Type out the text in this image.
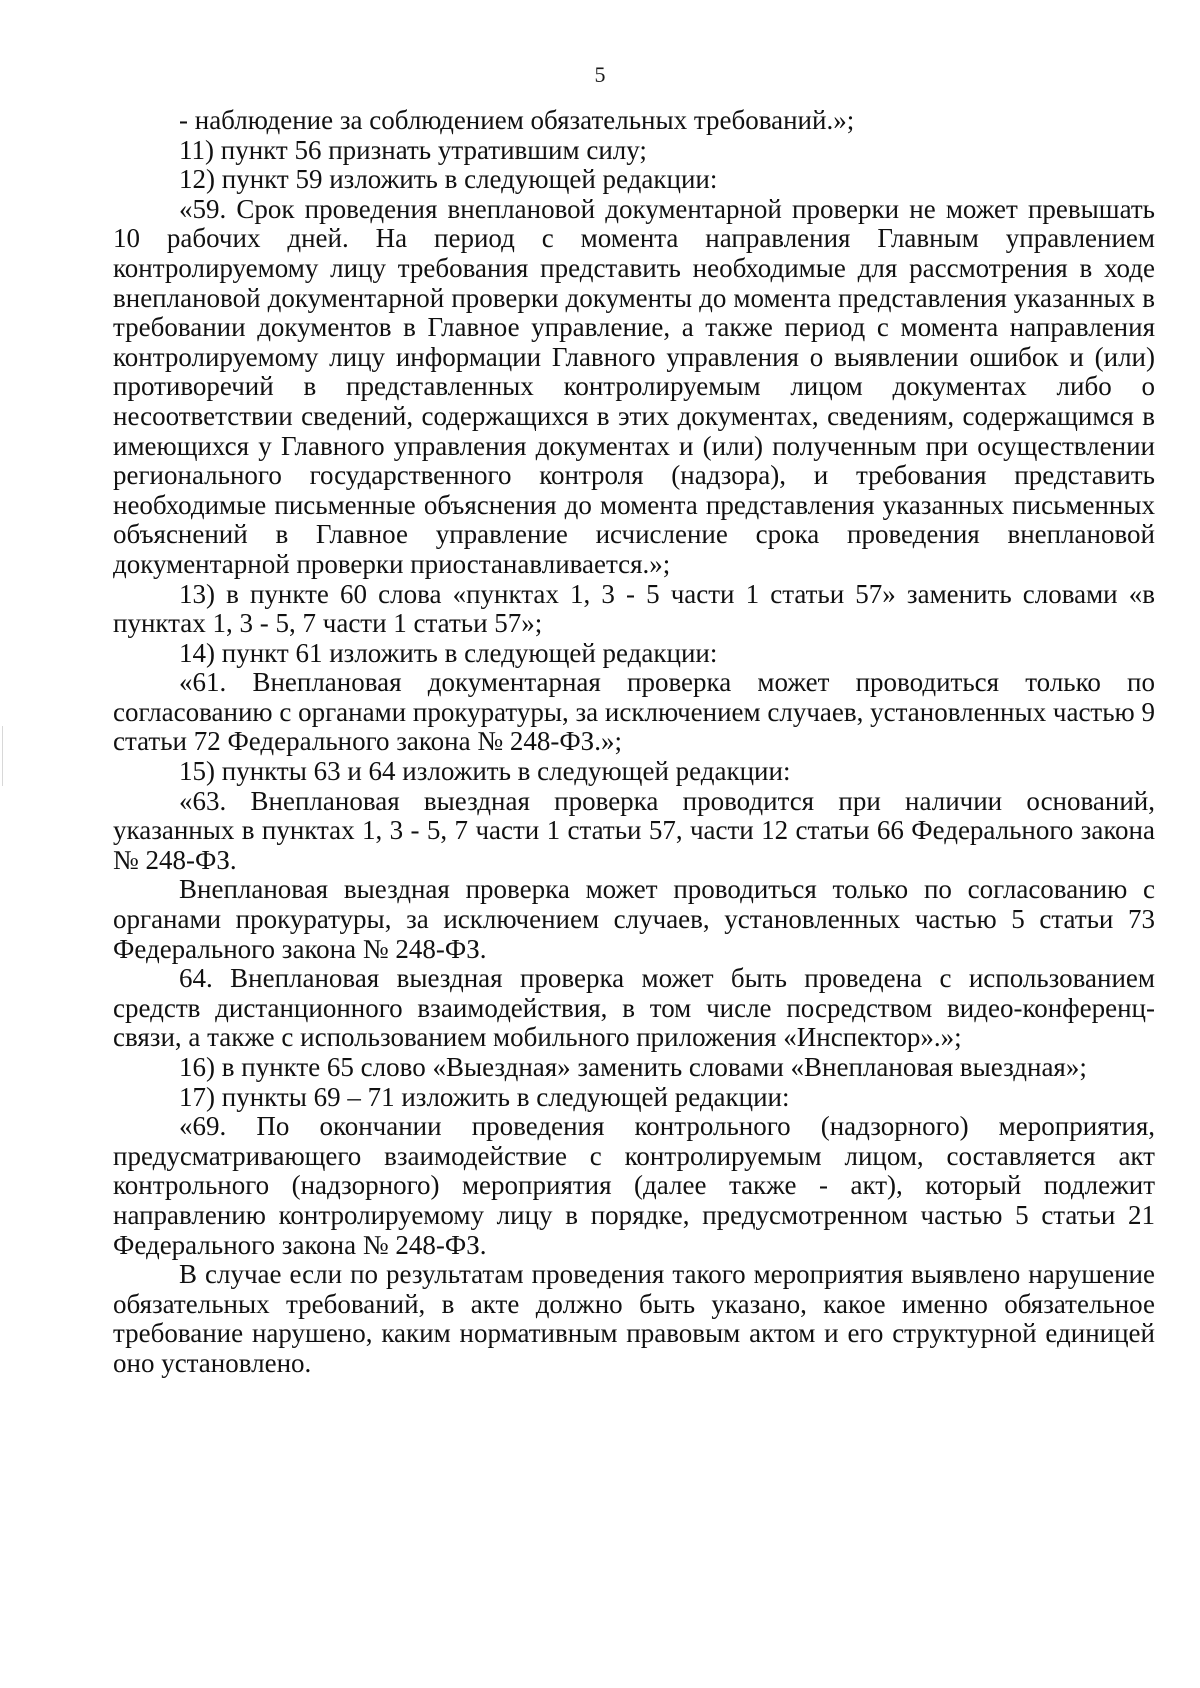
5

- наблюдение за соблюдением обязательных требований.»;

11) пункт 56 признать утратившим силу;

12) пункт 59 изложить в следующей редакции:

«59. Срок проведения внеплановой документарной проверки не может превышать 10 рабочих дней. На период с момента направления Главным управлением контролируемому лицу требования представить необходимые для рассмотрения в ходе внеплановой документарной проверки документы до момента представления указанных в требовании документов в Главное управление, а также период с момента направления контролируемому лицу информации Главного управления о выявлении ошибок и (или) противоречий в представленных контролируемым лицом документах либо о несоответствии сведений, содержащихся в этих документах, сведениям, содержащимся в имеющихся у Главного управления документах и (или) полученным при осуществлении регионального государственного контроля (надзора), и требования представить необходимые письменные объяснения до момента представления указанных письменных объяснений в Главное управление исчисление срока проведения внеплановой документарной проверки приостанавливается.»;

13) в пункте 60 слова «пунктах 1, 3 - 5 части 1 статьи 57» заменить словами «в пунктах 1, 3 - 5, 7 части 1 статьи 57»;

14) пункт 61 изложить в следующей редакции:

«61. Внеплановая документарная проверка может проводиться только по согласованию с органами прокуратуры, за исключением случаев, установленных частью 9 статьи 72 Федерального закона № 248-ФЗ.»;

15) пункты 63 и 64 изложить в следующей редакции:

«63. Внеплановая выездная проверка проводится при наличии оснований, указанных в пунктах 1, 3 - 5, 7 части 1 статьи 57, части 12 статьи 66 Федерального закона № 248-ФЗ.

Внеплановая выездная проверка может проводиться только по согласованию с органами прокуратуры, за исключением случаев, установленных частью 5 статьи 73 Федерального закона № 248-ФЗ.

64. Внеплановая выездная проверка может быть проведена с использованием средств дистанционного взаимодействия, в том числе посредством видео-конференц-связи, а также с использованием мобильного приложения «Инспектор».»;

16) в пункте 65 слово «Выездная» заменить словами «Внеплановая выездная»;

17) пункты 69 – 71 изложить в следующей редакции:

«69. По окончании проведения контрольного (надзорного) мероприятия, предусматривающего взаимодействие с контролируемым лицом, составляется акт контрольного (надзорного) мероприятия (далее также - акт), который подлежит направлению контролируемому лицу в порядке, предусмотренном частью 5 статьи 21 Федерального закона № 248-ФЗ.

В случае если по результатам проведения такого мероприятия выявлено нарушение обязательных требований, в акте должно быть указано, какое именно обязательное требование нарушено, каким нормативным правовым актом и его структурной единицей оно установлено.
